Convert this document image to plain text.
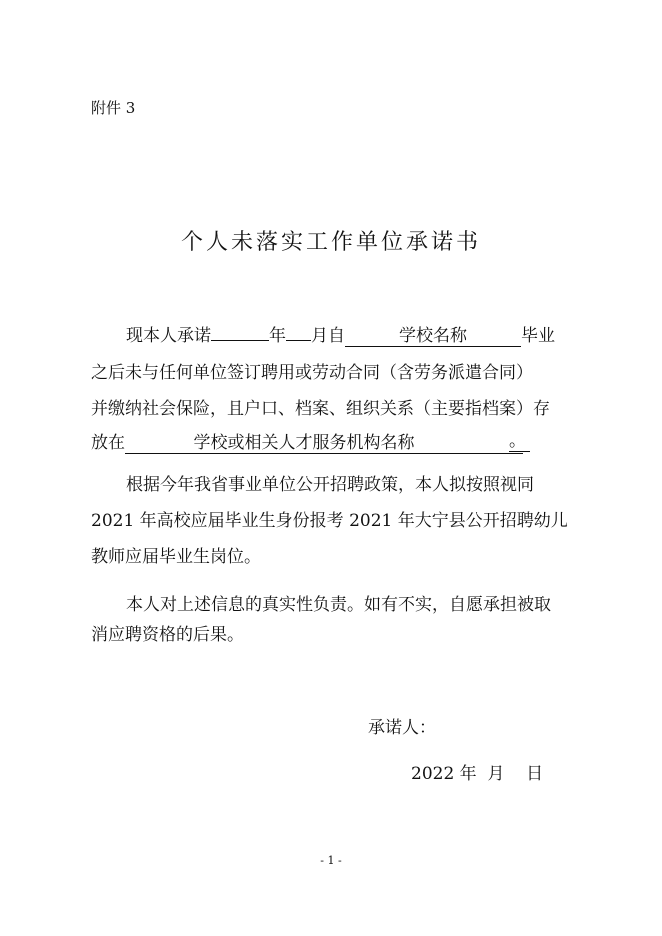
附件 3
个人未落实工作单位承诺书
现本人承诺	年 月自	学校名称	毕业
之后未与任何单位签订聘用或劳动合同（含劳务派遣合同）
并缴纳社会保险，且户口、档案、组织关系（主要指档案）存
放在	学校或相关人才服务机构名称	。
根据今年我省事业单位公开招聘政策，本人拟按照视同
2021 年高校应届毕业生身份报考 2021 年大宁县公开招聘幼儿
教师应届毕业生岗位。
本人对上述信息的真实性负责。如有不实，自愿承担被取
消应聘资格的后果。
承诺人：
2022 年  月    日
- 1 -
